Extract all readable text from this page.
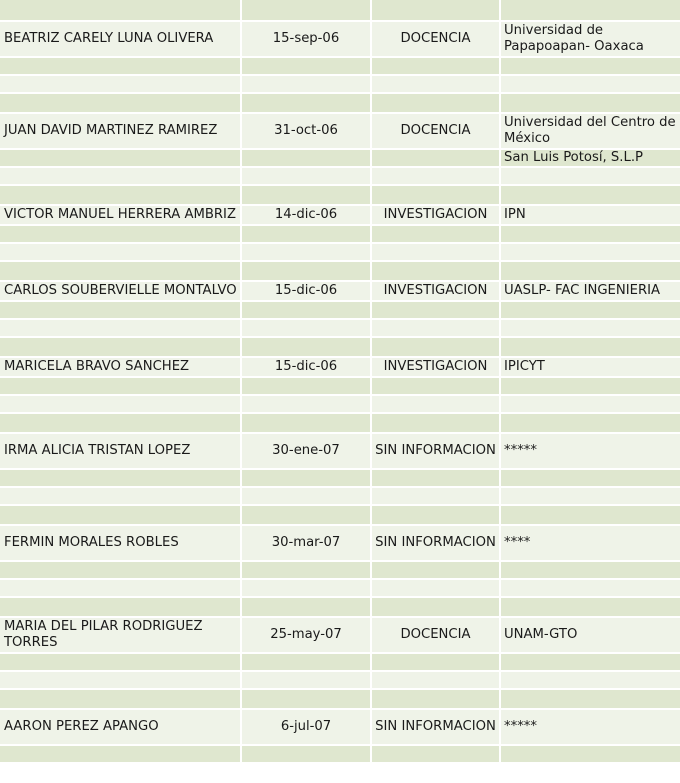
BEATRIZ CARELY LUNA OLIVERA	15-sep-06	DOCENCIA	Universidad de Papapoapan- Oaxaca

JUAN DAVID MARTINEZ RAMIREZ	31-oct-06	DOCENCIA	Universidad del Centro de México
			San Luis Potosí, S.L.P

VICTOR MANUEL HERRERA AMBRIZ	14-dic-06	INVESTIGACION	IPN

CARLOS SOUBERVIELLE MONTALVO	15-dic-06	INVESTIGACION	UASLP- FAC INGENIERIA

MARICELA BRAVO SANCHEZ	15-dic-06	INVESTIGACION	IPICYT

IRMA ALICIA TRISTAN LOPEZ	30-ene-07	SIN INFORMACION	*****

FERMIN MORALES ROBLES	30-mar-07	SIN INFORMACION	****

MARIA DEL PILAR RODRIGUEZ TORRES	25-may-07	DOCENCIA	UNAM-GTO

AARON PEREZ APANGO	6-jul-07	SIN INFORMACION	*****
